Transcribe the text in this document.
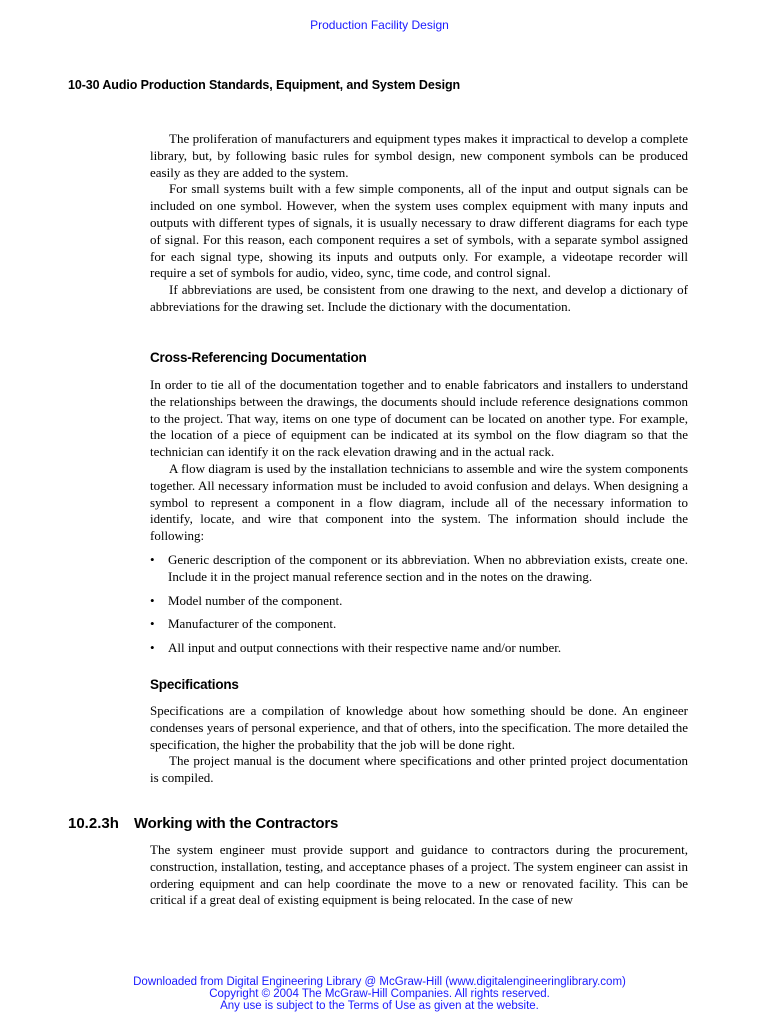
Production Facility Design
10-30 Audio Production Standards, Equipment, and System Design

The proliferation of manufacturers and equipment types makes it impractical to develop a complete library, but, by following basic rules for symbol design, new component symbols can be produced easily as they are added to the system.

For small systems built with a few simple components, all of the input and output signals can be included on one symbol. However, when the system uses complex equipment with many inputs and outputs with different types of signals, it is usually necessary to draw different diagrams for each type of signal. For this reason, each component requires a set of symbols, with a separate symbol assigned for each signal type, showing its inputs and outputs only. For example, a videotape recorder will require a set of symbols for audio, video, sync, time code, and control signal.

If abbreviations are used, be consistent from one drawing to the next, and develop a dictionary of abbreviations for the drawing set. Include the dictionary with the documentation.

Cross-Referencing Documentation

In order to tie all of the documentation together and to enable fabricators and installers to understand the relationships between the drawings, the documents should include reference designations common to the project. That way, items on one type of document can be located on another type. For example, the location of a piece of equipment can be indicated at its symbol on the flow diagram so that the technician can identify it on the rack elevation drawing and in the actual rack.

A flow diagram is used by the installation technicians to assemble and wire the system components together. All necessary information must be included to avoid confusion and delays. When designing a symbol to represent a component in a flow diagram, include all of the necessary information to identify, locate, and wire that component into the system. The information should include the following:

• Generic description of the component or its abbreviation. When no abbreviation exists, create one. Include it in the project manual reference section and in the notes on the drawing.
• Model number of the component.
• Manufacturer of the component.
• All input and output connections with their respective name and/or number.
Specifications

Specifications are a compilation of knowledge about how something should be done. An engineer condenses years of personal experience, and that of others, into the specification. The more detailed the specification, the higher the probability that the job will be done right.

The project manual is the document where specifications and other printed project documentation is compiled.

10.2.3h Working with the Contractors

The system engineer must provide support and guidance to contractors during the procurement, construction, installation, testing, and acceptance phases of a project. The system engineer can assist in ordering equipment and can help coordinate the move to a new or renovated facility. This can be critical if a great deal of existing equipment is being relocated. In the case of new

Downloaded from Digital Engineering Library @ McGraw-Hill (www.digitalengineeringlibrary.com)
Copyright © 2004 The McGraw-Hill Companies. All rights reserved.
Any use is subject to the Terms of Use as given at the website.
